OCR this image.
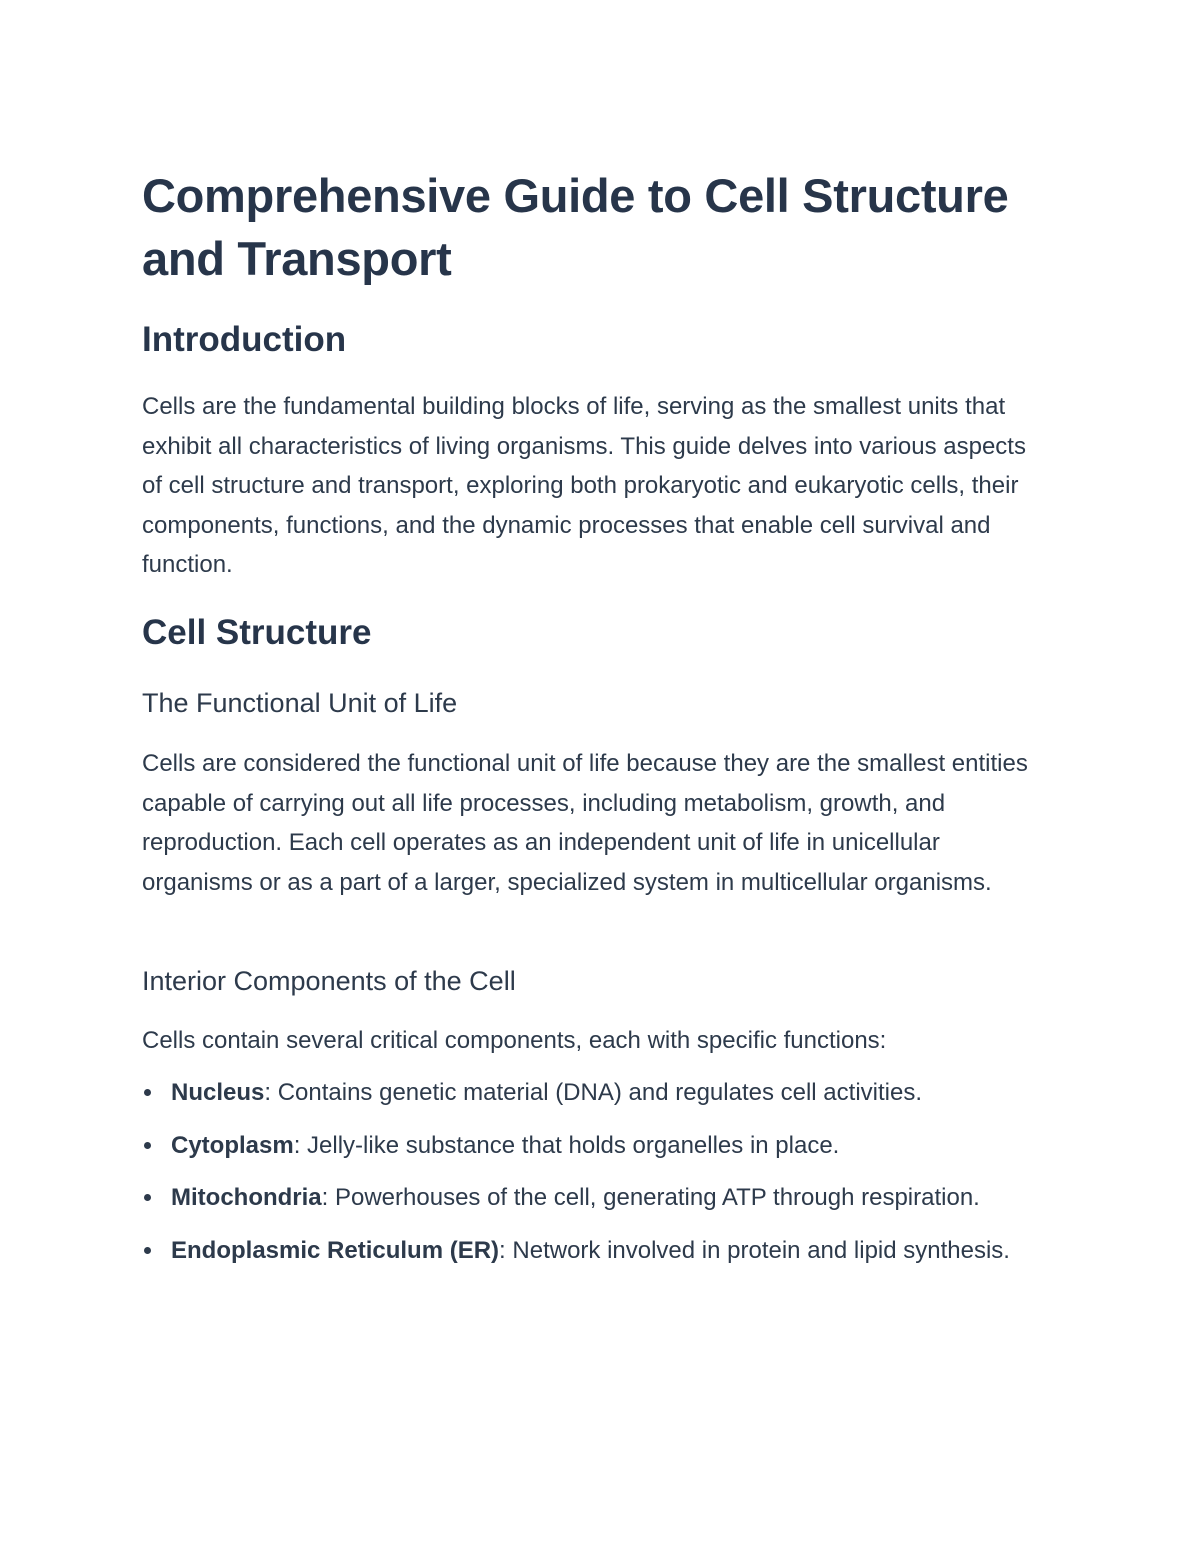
Comprehensive Guide to Cell Structure and Transport
Introduction

Cells are the fundamental building blocks of life, serving as the smallest units that exhibit all characteristics of living organisms. This guide delves into various aspects of cell structure and transport, exploring both prokaryotic and eukaryotic cells, their components, functions, and the dynamic processes that enable cell survival and function.

Cell Structure
The Functional Unit of Life

Cells are considered the functional unit of life because they are the smallest entities capable of carrying out all life processes, including metabolism, growth, and reproduction. Each cell operates as an independent unit of life in unicellular organisms or as a part of a larger, specialized system in multicellular organisms.

Interior Components of the Cell

Cells contain several critical components, each with specific functions:

Nucleus: Contains genetic material (DNA) and regulates cell activities.
Cytoplasm: Jelly-like substance that holds organelles in place.
Mitochondria: Powerhouses of the cell, generating ATP through respiration.
Endoplasmic Reticulum (ER): Network involved in protein and lipid synthesis.
